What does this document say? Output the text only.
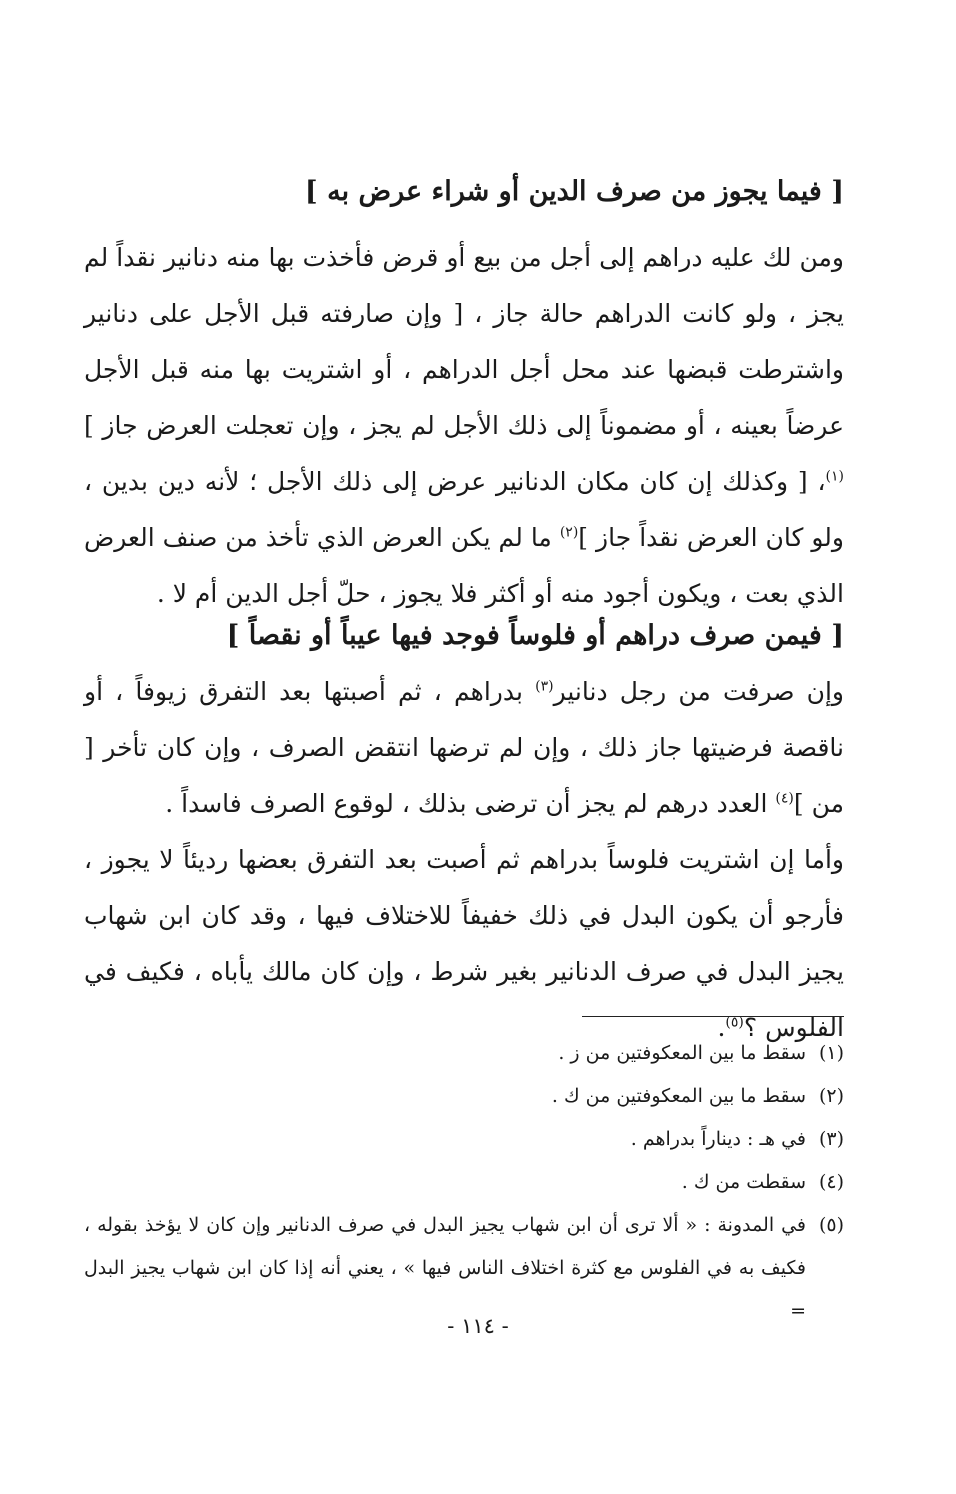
[ فيما يجوز من صرف الدين أو شراء عرض به ]

ومن لك عليه دراهم إلى أجل من بيع أو قرض فأخذت بها منه دنانير نقداً لم يجز ، ولو كانت الدراهم حالة جاز ، [ وإن صارفته قبل الأجل على دنانير واشترطت قبضها عند محل أجل الدراهم ، أو اشتريت بها منه قبل الأجل عرضاً بعينه ، أو مضموناً إلى ذلك الأجل لم يجز ، وإن تعجلت العرض جاز ]$^{(١)}$، [ وكذلك إن كان مكان الدنانير عرض إلى ذلك الأجل ؛ لأنه دين بدين ، ولو كان العرض نقداً جاز ]$^{(٢)}$ ما لم يكن العرض الذي تأخذ من صنف العرض الذي بعت ، ويكون أجود منه أو أكثر فلا يجوز ، حلّ أجل الدين أم لا .

[ فيمن صرف دراهم أو فلوساً فوجد فيها عيباً أو نقصاً ]

وإن صرفت من رجل دنانير$^{(٣)}$ بدراهم ، ثم أصبتها بعد التفرق زيوفاً ، أو ناقصة فرضيتها جاز ذلك ، وإن لم ترضها انتقض الصرف ، وإن كان تأخر [ من ]$^{(٤)}$ العدد درهم لم يجز أن ترضى بذلك ، لوقوع الصرف فاسداً .

وأما إن اشتريت فلوساً بدراهم ثم أصبت بعد التفرق بعضها رديئاً لا يجوز ، فأرجو أن يكون البدل في ذلك خفيفاً للاختلاف فيها ، وقد كان ابن شهاب يجيز البدل في صرف الدنانير بغير شرط ، وإن كان مالك يأباه ، فكيف في الفلوس ؟$^{(٥)}$.

(١)
سقط ما بين المعكوفتين من ز .
(٢)
سقط ما بين المعكوفتين من ك .
(٣)
في هـ : ديناراً بدراهم .
(٤)
سقطت من ك .
(٥)
في المدونة : « ألا ترى أن ابن شهاب يجيز البدل في صرف الدنانير وإن كان لا يؤخذ بقوله ، فكيف به في الفلوس مع كثرة اختلاف الناس فيها » ، يعني أنه إذا كان ابن شهاب يجيز البدل =
- ١١٤ -
